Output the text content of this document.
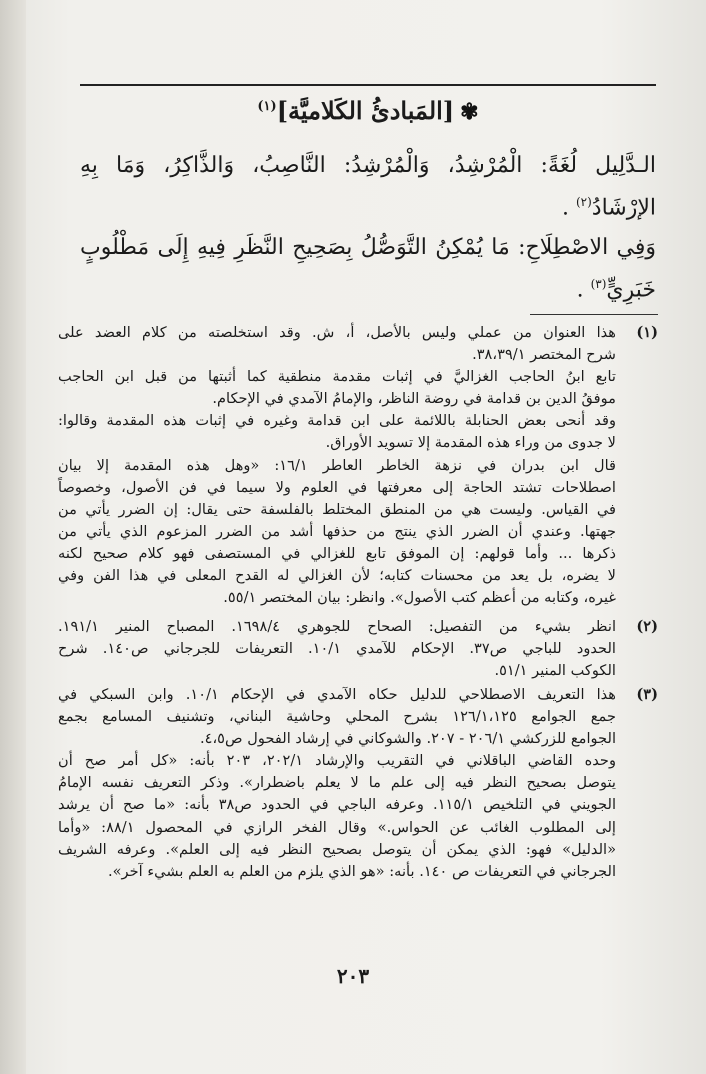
✾[المَبادئُ الكَلاميَّة]$^{(١)}$
الـدَّلِيل لُغَةً: الْمُرْشِدُ، وَالْمُرْشِدُ: النَّاصِبُ، وَالذَّاكِرُ، وَمَا بِهِ
الإرْشَادُ$^{(٢)}$ .
وَفِي الاصْطِلَاحِ: مَا يُمْكِنُ التَّوَصُّلُ بِصَحِيحِ النَّظَرِ فِيهِ إِلَى مَطْلُوبٍ
خَبَرِيٍّ$^{(٣)}$ .
(١)
هذا العنوان من عملي وليس بالأصل، أ، ش. وقد استخلصته من كلام العضد على
شرح المختصر ٣٨،٣٩/١.
تابع ابنُ الحاجب الغزاليَّ في إثبات مقدمة منطقية كما أثبتها من قبل ابن الحاجب
موفقُ الدين بن قدامة في روضة الناظر، والإمامُ الآمدي في الإحكام.
وقد أنحى بعض الحنابلة باللائمة على ابن قدامة وغيره في إثبات هذه المقدمة وقالوا:
لا جدوى من وراء هذه المقدمة إلا تسويد الأوراق.
قال ابن بدران في نزهة الخاطر العاطر ١٦/١: «وهل هذه المقدمة إلا بيان
اصطلاحات تشتد الحاجة إلى معرفتها في العلوم ولا سيما في فن الأصول، وخصوصاً
في القياس. وليست هي من المنطق المختلط بالفلسفة حتى يقال: إن الضرر يأتي من
جهتها. وعندي أن الضرر الذي ينتج من حذفها أشد من الضرر المزعوم الذي يأتي من
ذكرها ... وأما قولهم: إن الموفق تابع للغزالي في المستصفى فهو كلام صحيح لكنه
لا يضره، بل يعد من محسنات كتابه؛ لأن الغزالي له القدح المعلى في هذا الفن وفي
غيره، وكتابه من أعظم كتب الأصول». وانظر: بيان المختصر ٥٥/١.
(٢)
انظر بشيء من التفصيل: الصحاح للجوهري ١٦٩٨/٤. المصباح المنير ١٩١/١.
الحدود للباجي ص٣٧. الإحكام للآمدي ١٠/١. التعريفات للجرجاني ص١٤٠. شرح
الكوكب المنير ٥١/١.
(٣)
هذا التعريف الاصطلاحي للدليل حكاه الآمدي في الإحكام ١٠/١. وابن السبكي في
جمع الجوامع ١٢٦/١،١٢٥ بشرح المحلي وحاشية البناني، وتشنيف المسامع بجمع
الجوامع للزركشي ٢٠٦/١ - ٢٠٧. والشوكاني في إرشاد الفحول ص٤،٥.
وحده القاضي الباقلاني في التقريب والإرشاد ٢٠٢/١، ٢٠٣ بأنه: «كل أمر صح أن
يتوصل بصحيح النظر فيه إلى علم ما لا يعلم باضطرار». وذكر التعريف نفسه الإمامُ
الجويني في التلخيص ١١٥/١. وعرفه الباجي في الحدود ص٣٨ بأنه: «ما صح أن يرشد
إلى المطلوب الغائب عن الحواس.» وقال الفخر الرازي في المحصول ٨٨/١: «وأما
«الدليل» فهو: الذي يمكن أن يتوصل بصحيح النظر فيه إلى العلم». وعرفه الشريف
الجرجاني في التعريفات ص ١٤٠. بأنه: «هو الذي يلزم من العلم به العلم بشيء آخر».
٢٠٣
